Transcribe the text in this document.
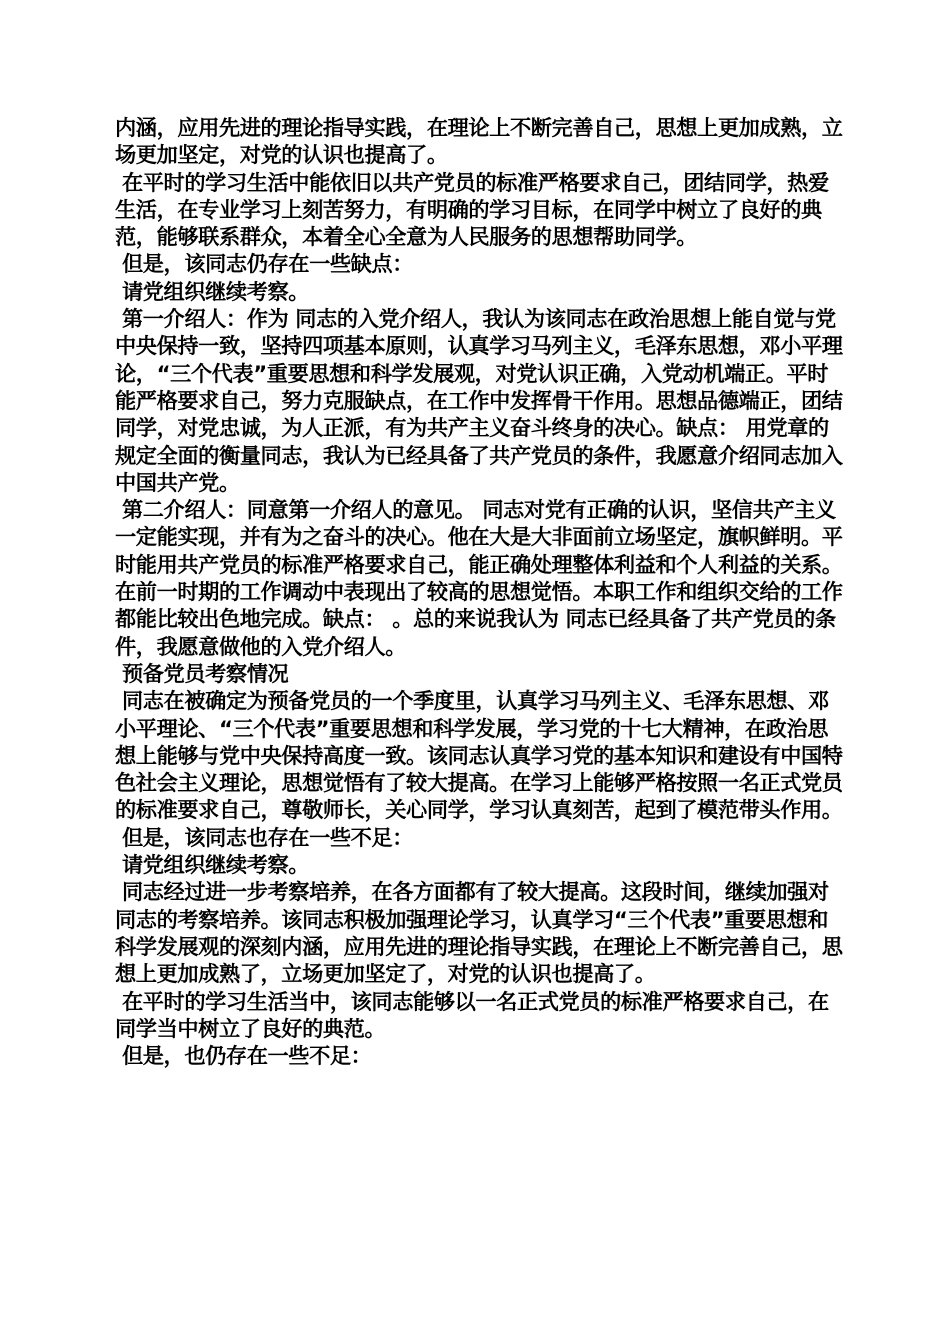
内涵，应用先进的理论指导实践，在理论上不断完善自己，思想上更加成熟，立场更加坚定，对党的认识也提高了。

在平时的学习生活中能依旧以共产党员的标准严格要求自己，团结同学，热爱生活，在专业学习上刻苦努力，有明确的学习目标，在同学中树立了良好的典范，能够联系群众，本着全心全意为人民服务的思想帮助同学。

但是，该同志仍存在一些缺点：

请党组织继续考察。

第一介绍人：作为 同志的入党介绍人，我认为该同志在政治思想上能自觉与党中央保持一致，坚持四项基本原则，认真学习马列主义，毛泽东思想，邓小平理论，“三个代表”重要思想和科学发展观，对党认识正确，入党动机端正。平时能严格要求自己，努力克服缺点，在工作中发挥骨干作用。思想品德端正，团结同学，对党忠诚，为人正派，有为共产主义奋斗终身的决心。缺点： 用党章的规定全面的衡量同志，我认为已经具备了共产党员的条件，我愿意介绍同志加入中国共产党。

第二介绍人：同意第一介绍人的意见。 同志对党有正确的认识，坚信共产主义一定能实现，并有为之奋斗的决心。他在大是大非面前立场坚定，旗帜鲜明。平时能用共产党员的标准严格要求自己，能正确处理整体利益和个人利益的关系。在前一时期的工作调动中表现出了较高的思想觉悟。本职工作和组织交给的工作都能比较出色地完成。缺点： 。总的来说我认为 同志已经具备了共产党员的条件，我愿意做他的入党介绍人。

预备党员考察情况

同志在被确定为预备党员的一个季度里，认真学习马列主义、毛泽东思想、邓小平理论、“三个代表”重要思想和科学发展，学习党的十七大精神，在政治思想上能够与党中央保持高度一致。该同志认真学习党的基本知识和建设有中国特色社会主义理论，思想觉悟有了较大提高。在学习上能够严格按照一名正式党员的标准要求自己，尊敬师长，关心同学，学习认真刻苦，起到了模范带头作用。

但是，该同志也存在一些不足：

请党组织继续考察。

同志经过进一步考察培养，在各方面都有了较大提高。这段时间，继续加强对  同志的考察培养。该同志积极加强理论学习，认真学习“三个代表”重要思想和科学发展观的深刻内涵，应用先进的理论指导实践，在理论上不断完善自己，思想上更加成熟了，立场更加坚定了，对党的认识也提高了。

在平时的学习生活当中，该同志能够以一名正式党员的标准严格要求自己，在同学当中树立了良好的典范。

但是，也仍存在一些不足：
